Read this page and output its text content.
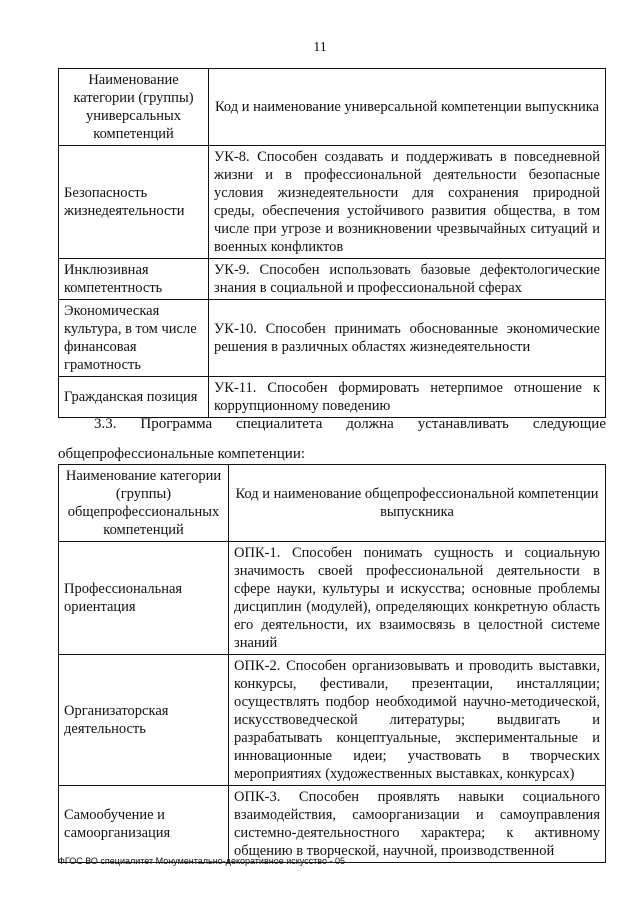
11
Наименование категории (группы) универсальных компетенций	Код и наименование универсальной компетенции выпускника
Безопасность жизнедеятельности	УК-8. Способен создавать и поддерживать в повседневной жизни и в профессиональной деятельности безопасные условия жизнедеятельности для сохранения природной среды, обеспечения устойчивого развития общества, в том числе при угрозе и возникновении чрезвычайных ситуаций и военных конфликтов
Инклюзивная компетентность	УК-9. Способен использовать базовые дефектологические знания в социальной и профессиональной сферах
Экономическая культура, в том числе финансовая грамотность	УК-10. Способен принимать обоснованные экономические решения в различных областях жизнедеятельности
Гражданская позиция	УК-11. Способен формировать нетерпимое отношение к коррупционному поведению
3.3. Программа специалитета должна устанавливать следующие
общепрофессиональные компетенции:
Наименование категории (группы) общепрофессиональных компетенций	Код и наименование общепрофессиональной компетенции выпускника
Профессиональная ориентация	ОПК-1. Способен понимать сущность и социальную значимость своей профессиональной деятельности в сфере науки, культуры и искусства; основные проблемы дисциплин (модулей), определяющих конкретную область его деятельности, их взаимосвязь в целостной системе знаний
Организаторская деятельность	ОПК-2. Способен организовывать и проводить выставки, конкурсы, фестивали, презентации, инсталляции; осуществлять подбор необходимой научно-методической, искусствоведческой литературы; выдвигать и разрабатывать концептуальные, экспериментальные и инновационные идеи; участвовать в творческих мероприятиях (художественных выставках, конкурсах)
Самообучение и самоорганизация	ОПК-3. Способен проявлять навыки социального взаимодействия, самоорганизации и самоуправления системно-деятельностного характера; к активному общению в творческой, научной, производственной
ФГОС ВО специалитет Монументально-декоративное искусство - 05
